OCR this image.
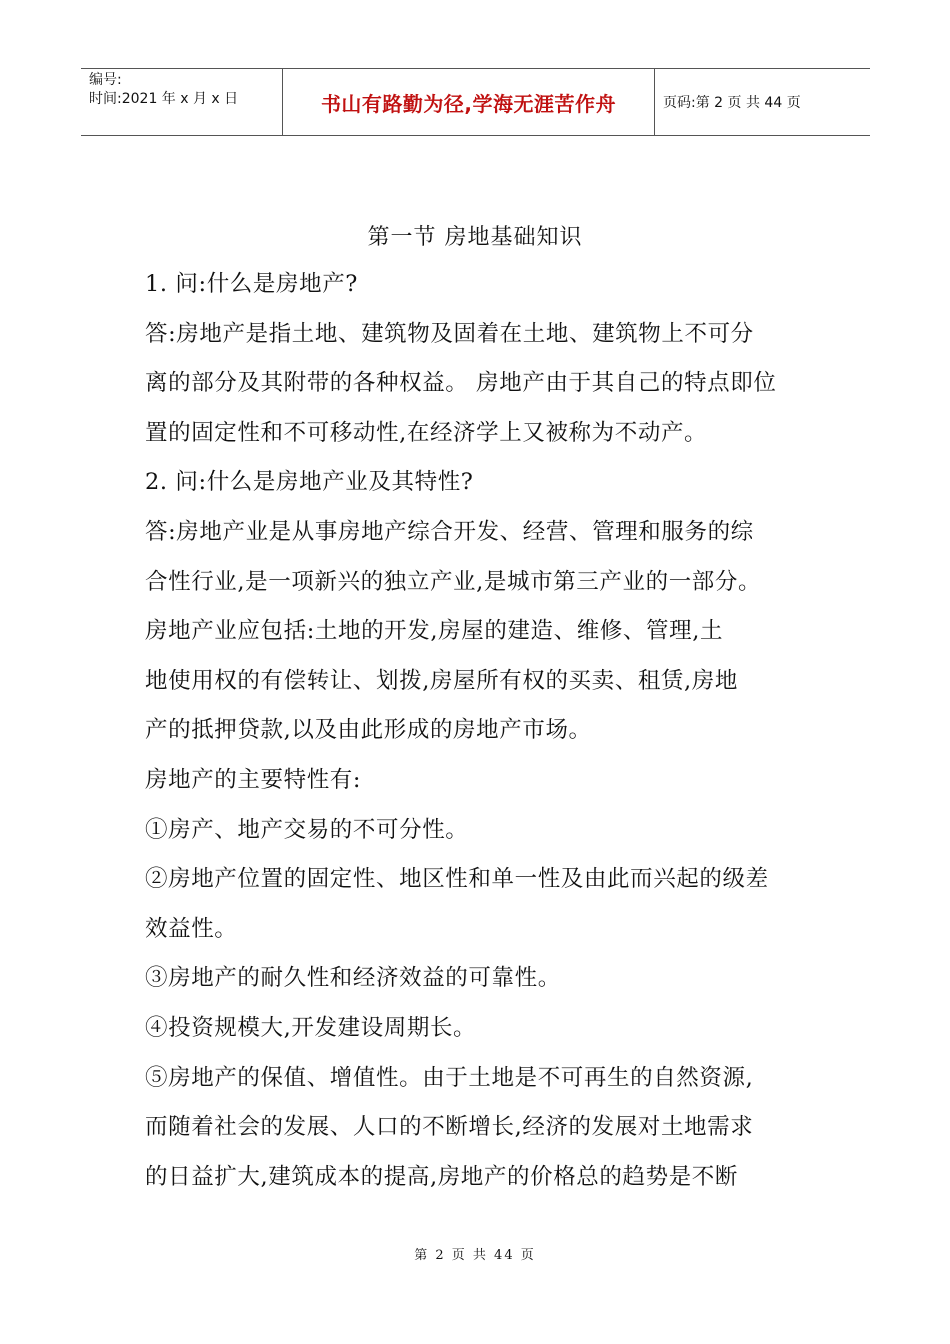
编号:
时间:2021 年 x 月 x 日	书山有路勤为径,学海无涯苦作舟	页码:第 2 页 共 44 页
第一节 房地基础知识
1. 问:什么是房地产?
答:房地产是指土地、建筑物及固着在土地、建筑物上不可分
离的部分及其附带的各种权益。 房地产由于其自己的特点即位
置的固定性和不可移动性,在经济学上又被称为不动产。
2. 问:什么是房地产业及其特性?
答:房地产业是从事房地产综合开发、经营、管理和服务的综
合性行业,是一项新兴的独立产业,是城市第三产业的一部分。
房地产业应包括:土地的开发,房屋的建造、维修、管理,土
地使用权的有偿转让、划拨,房屋所有权的买卖、租赁,房地
产的抵押贷款,以及由此形成的房地产市场。
房地产的主要特性有:
①房产、地产交易的不可分性。
②房地产位置的固定性、地区性和单一性及由此而兴起的级差
效益性。
③房地产的耐久性和经济效益的可靠性。
④投资规模大,开发建设周期长。
⑤房地产的保值、增值性。由于土地是不可再生的自然资源,
而随着社会的发展、人口的不断增长,经济的发展对土地需求
的日益扩大,建筑成本的提高,房地产的价格总的趋势是不断
第 2 页 共 44 页
